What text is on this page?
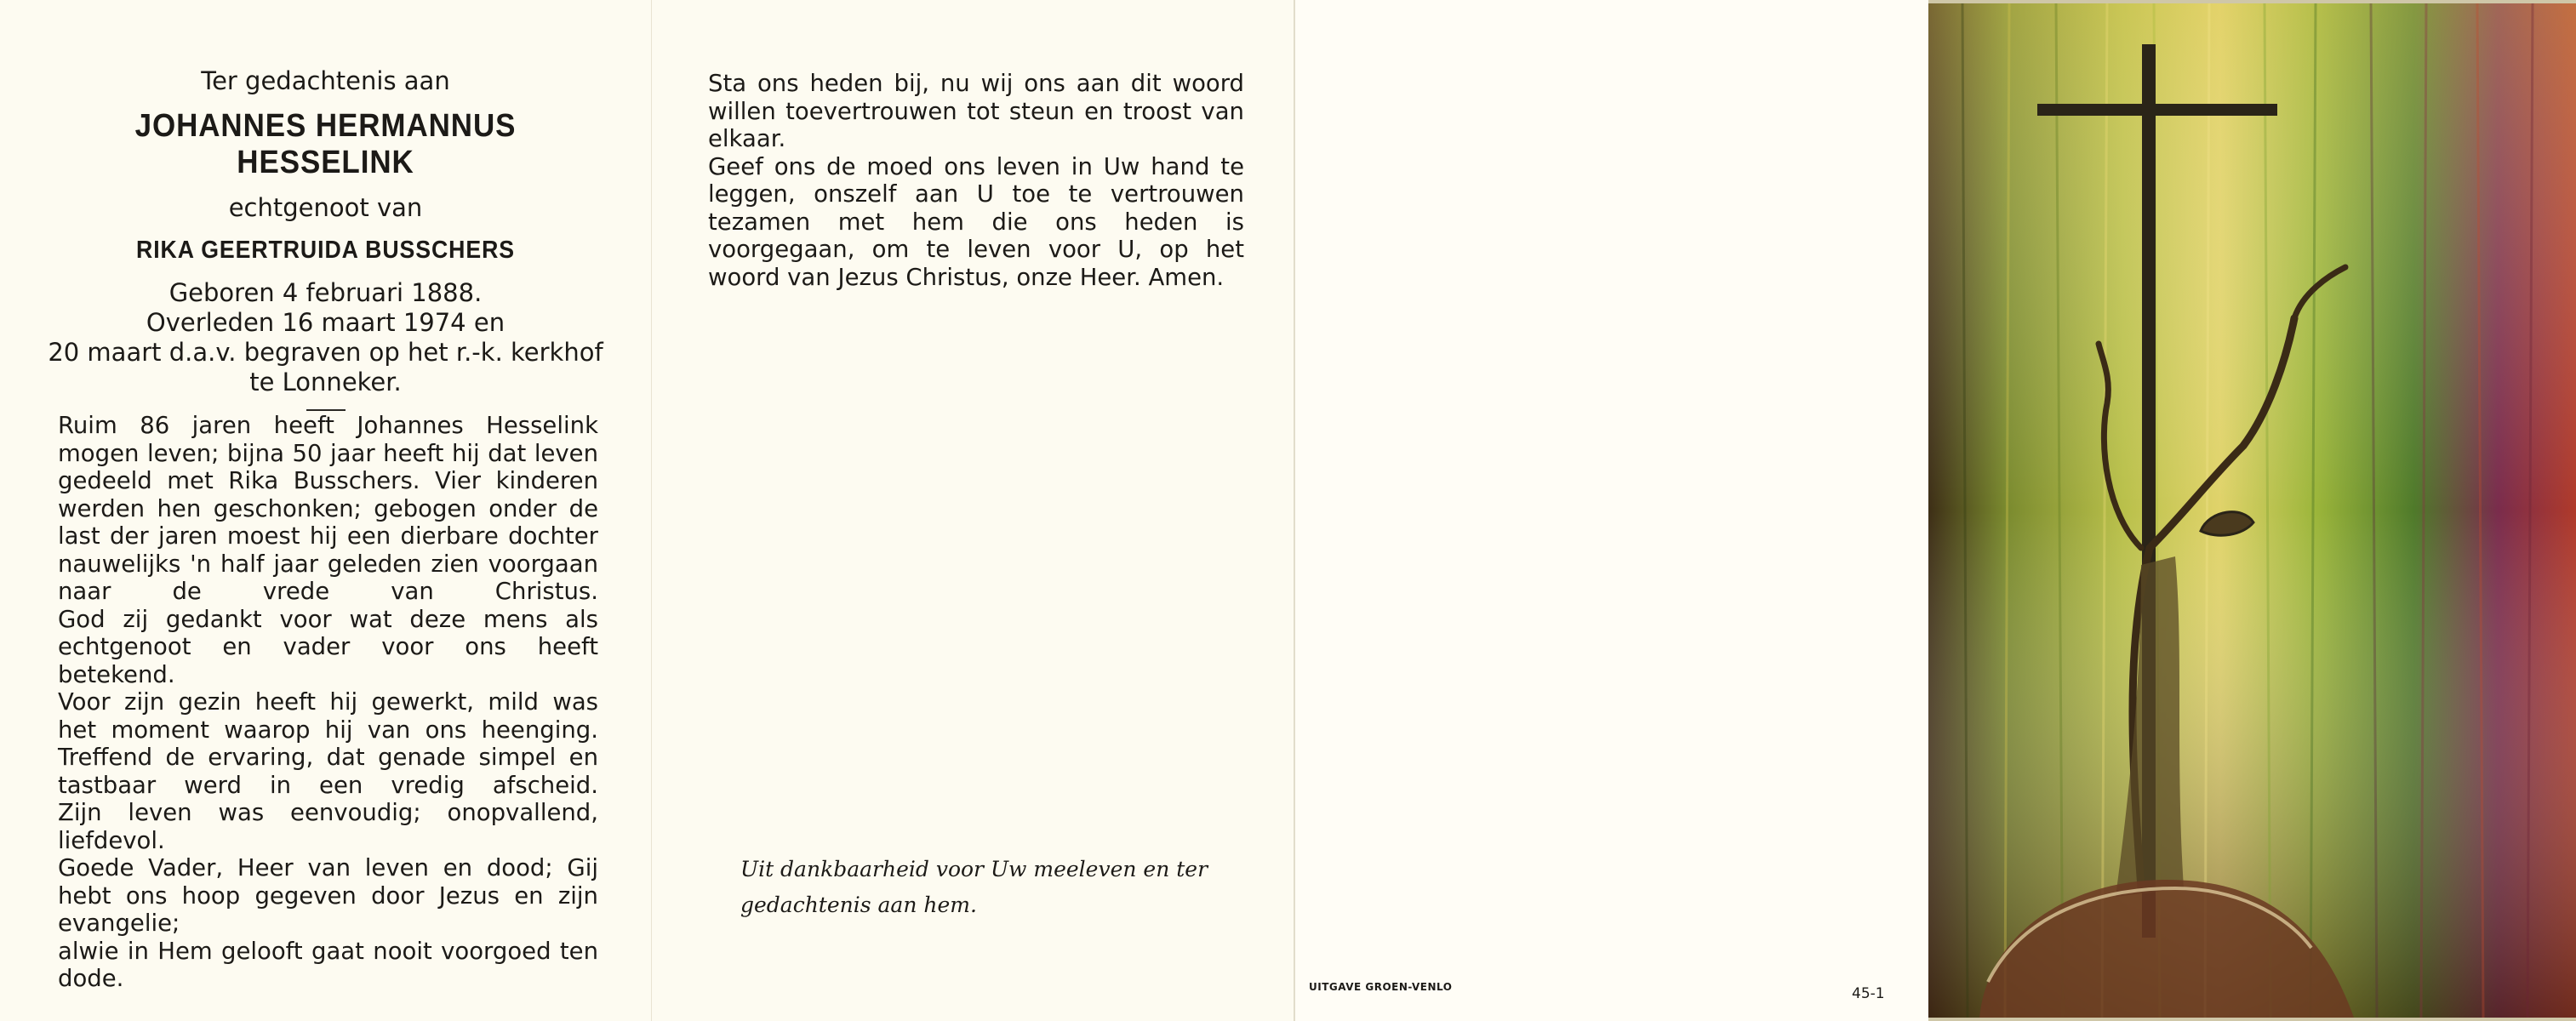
Ter gedachtenis aan
JOHANNES HERMANNUS HESSELINK
echtgenoot van
RIKA GEERTRUIDA BUSSCHERS
Geboren 4 februari 1888.
Overleden 16 maart 1974 en
20 maart d.a.v. begraven op het r.-k. kerkhof
te Lonneker.

Ruim 86 jaren heeft Johannes Hesselink mogen leven; bijna 50 jaar heeft hij dat leven gedeeld met Rika Busschers. Vier kinderen werden hen geschonken; gebogen onder de last der jaren moest hij een dierbare dochter nauwelijks 'n half jaar geleden zien voorgaan naar de vrede van Christus.

God zij gedankt voor wat deze mens als echtgenoot en vader voor ons heeft betekend.

Voor zijn gezin heeft hij gewerkt, mild was het moment waarop hij van ons heenging.

Treffend de ervaring, dat genade simpel en tastbaar werd in een vredig afscheid.

Zijn leven was eenvoudig; onopvallend, liefdevol.

Goede Vader, Heer van leven en dood; Gij hebt ons hoop gegeven door Jezus en zijn evangelie;

alwie in Hem gelooft gaat nooit voorgoed ten dode.

Sta ons heden bij, nu wij ons aan dit woord willen toevertrouwen tot steun en troost van elkaar.

Geef ons de moed ons leven in Uw hand te leggen, onszelf aan U toe te vertrouwen tezamen met hem die ons heden is voorgegaan, om te leven voor U, op het woord van Jezus Christus, onze Heer. Amen.

Uit dankbaarheid voor Uw meeleven en ter gedachtenis aan hem.
UITGAVE GROEN-VENLO	45-1
